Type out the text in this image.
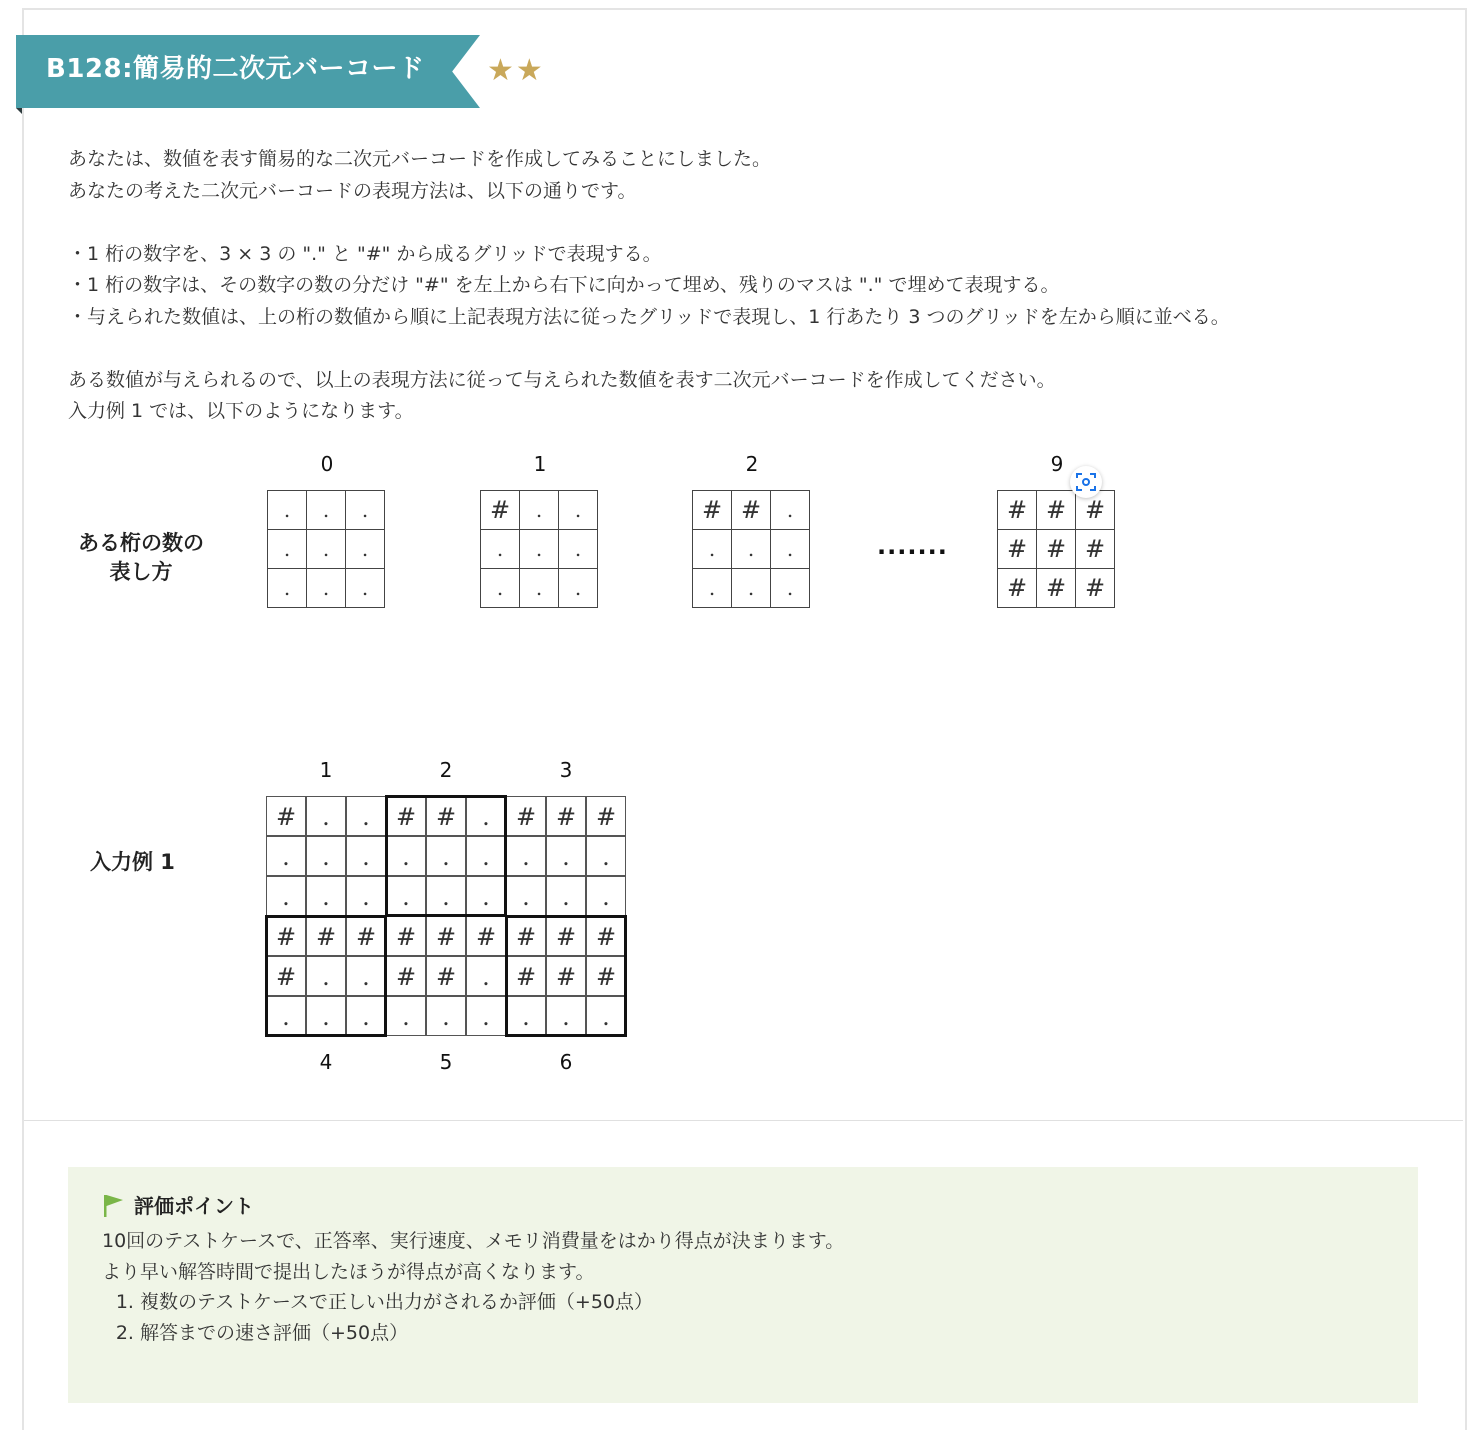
B128:簡易的二次元バーコード ★ ★

あなたは、数値を表す簡易的な二次元バーコードを作成してみることにしました。

あなたの考えた二次元バーコードの表現方法は、以下の通りです。

・1 桁の数字を、3 × 3 の "." と "#" から成るグリッドで表現する。

・1 桁の数字は、その数字の数の分だけ "#" を左上から右下に向かって埋め、残りのマスは "." で埋めて表現する。

・与えられた数値は、上の桁の数値から順に上記表現方法に従ったグリッドで表現し、1 行あたり 3 つのグリッドを左から順に並べる。

ある数値が与えられるので、以上の表現方法に従って与えられた数値を表す二次元バーコードを作成してください。

入力例 1 では、以下のようになります。

ある桁の数の
表し方
0
.	.	.
.	.	.
.	.	.
1
#	.	.
.	.	.
.	.	.
2
#	#	.
.	.	.
.	.	.
9
#	#	#
#	#	#
#	#	#
·······
入力例 1
1	2	3
#	.	.	# #	.	# # #
.	.	.	.	.	.	.	.	.
.	.	.	.	.	.	.	.	.
# # # # # # # # #
#	.	.	# #	.	# # #
.	.	.	.	.	.	.	.	.
4	5	6
評価ポイント

10回のテストケースで、正答率、実行速度、メモリ消費量をはかり得点が決まります。

より早い解答時間で提出したほうが得点が高くなります。

1. 複数のテストケースで正しい出力がされるか評価（+50点）
2. 解答までの速さ評価（+50点）
